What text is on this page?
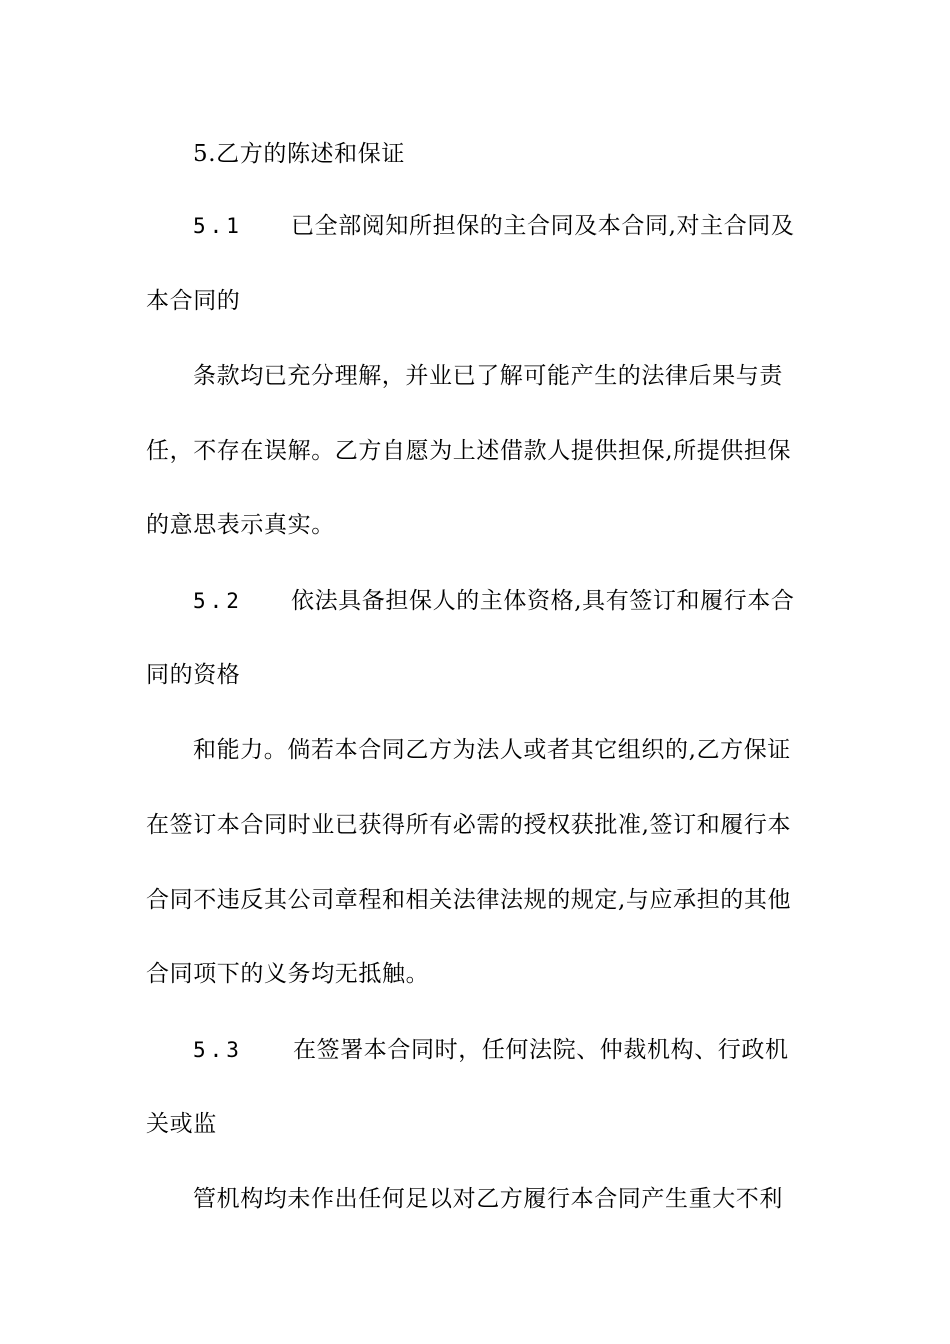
5.乙方的陈述和保证
5.1 已全部阅知所担保的主合同及本合同,对主合同及
本合同的
条款均已充分理解，并业已了解可能产生的法律后果与责
任，不存在误解。乙方自愿为上述借款人提供担保,所提供担保
的意思表示真实。
5.2 依法具备担保人的主体资格,具有签订和履行本合
同的资格
和能力。倘若本合同乙方为法人或者其它组织的,乙方保证
在签订本合同时业已获得所有必需的授权获批准,签订和履行本
合同不违反其公司章程和相关法律法规的规定,与应承担的其他
合同项下的义务均无抵触。
5.3 在签署本合同时，任何法院、仲裁机构、行政机
关或监
管机构均未作出任何足以对乙方履行本合同产生重大不利
